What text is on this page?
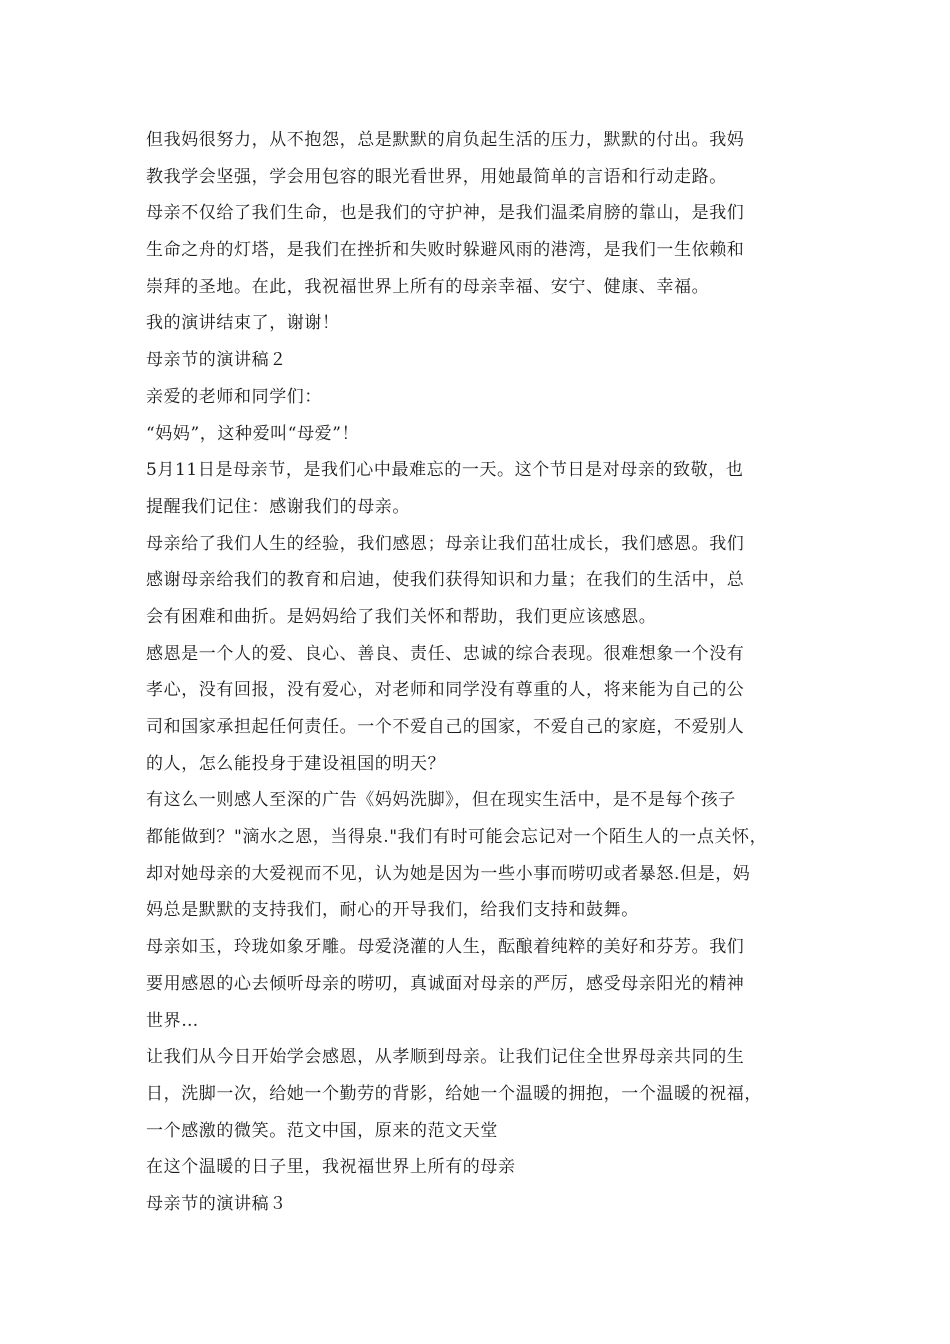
但我妈很努力，从不抱怨，总是默默的肩负起生活的压力，默默的付出。我妈
教我学会坚强，学会用包容的眼光看世界，用她最简单的言语和行动走路。
母亲不仅给了我们生命，也是我们的守护神，是我们温柔肩膀的靠山，是我们
生命之舟的灯塔，是我们在挫折和失败时躲避风雨的港湾，是我们一生依赖和
崇拜的圣地。在此，我祝福世界上所有的母亲幸福、安宁、健康、幸福。
我的演讲结束了，谢谢！
母亲节的演讲稿２
亲爱的老师和同学们：
“妈妈”，这种爱叫“母爱”！
5月11日是母亲节，是我们心中最难忘的一天。这个节日是对母亲的致敬，也
提醒我们记住：感谢我们的母亲。
母亲给了我们人生的经验，我们感恩；母亲让我们茁壮成长，我们感恩。我们
感谢母亲给我们的教育和启迪，使我们获得知识和力量；在我们的生活中，总
会有困难和曲折。是妈妈给了我们关怀和帮助，我们更应该感恩。
感恩是一个人的爱、良心、善良、责任、忠诚的综合表现。很难想象一个没有
孝心，没有回报，没有爱心，对老师和同学没有尊重的人，将来能为自己的公
司和国家承担起任何责任。一个不爱自己的国家，不爱自己的家庭，不爱别人
的人，怎么能投身于建设祖国的明天？
有这么一则感人至深的广告《妈妈洗脚》，但在现实生活中，是不是每个孩子
都能做到？"滴水之恩，当得泉."我们有时可能会忘记对一个陌生人的一点关怀，
却对她母亲的大爱视而不见，认为她是因为一些小事而唠叨或者暴怒.但是，妈
妈总是默默的支持我们，耐心的开导我们，给我们支持和鼓舞。
母亲如玉，玲珑如象牙雕。母爱浇灌的人生，酝酿着纯粹的美好和芬芳。我们
要用感恩的心去倾听母亲的唠叨，真诚面对母亲的严厉，感受母亲阳光的精神
世界…
让我们从今日开始学会感恩，从孝顺到母亲。让我们记住全世界母亲共同的生
日，洗脚一次，给她一个勤劳的背影，给她一个温暖的拥抱，一个温暖的祝福，
一个感激的微笑。范文中国，原来的范文天堂
在这个温暖的日子里，我祝福世界上所有的母亲
母亲节的演讲稿３
